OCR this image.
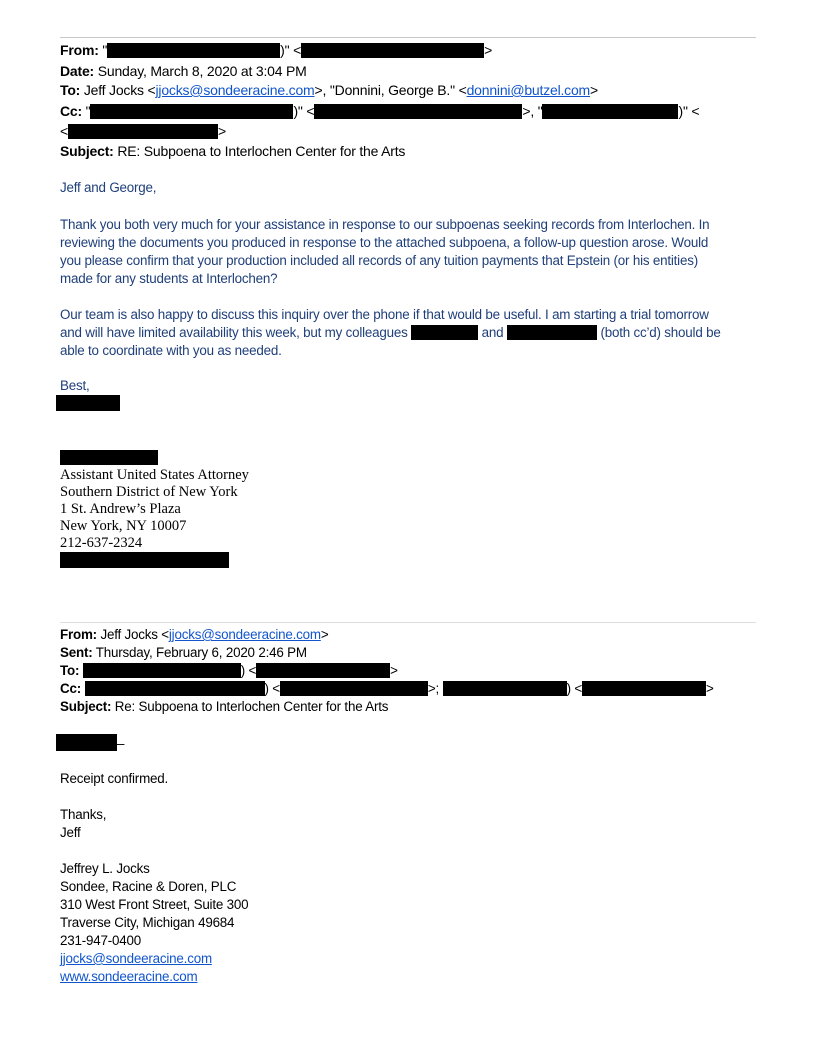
From: "	)" <	>
Date: Sunday, March 8, 2020 at 3:04 PM
To: Jeff Jocks <jjocks@sondeeracine.com>, "Donnini, George B." <donnini@butzel.com>
Cc: "	)" <	>, "	)" <
<	>
Subject: RE: Subpoena to Interlochen Center for the Arts
Jeff and George,
Thank you both very much for your assistance in response to our subpoenas seeking records from Interlochen. In
reviewing the documents you produced in response to the attached subpoena, a follow-up question arose. Would
you please confirm that your production included all records of any tuition payments that Epstein (or his entities)
made for any students at Interlochen?
Our team is also happy to discuss this inquiry over the phone if that would be useful. I am starting a trial tomorrow
and will have limited availability this week, but my colleagues	and	(both cc’d) should be
able to coordinate with you as needed.
Best,
Assistant United States Attorney
Southern District of New York
1 St. Andrew’s Plaza
New York, NY 10007
212-637-2324
From: Jeff Jocks <jjocks@sondeeracine.com>
Sent: Thursday, February 6, 2020 2:46 PM
To:	) <	>
Cc:	) <	>;	) <	>
Subject: Re: Subpoena to Interlochen Center for the Arts
–
Receipt confirmed.
Thanks,
Jeff
Jeffrey L. Jocks
Sondee, Racine & Doren, PLC
310 West Front Street, Suite 300
Traverse City, Michigan 49684
231-947-0400
jjocks@sondeeracine.com
www.sondeeracine.com
